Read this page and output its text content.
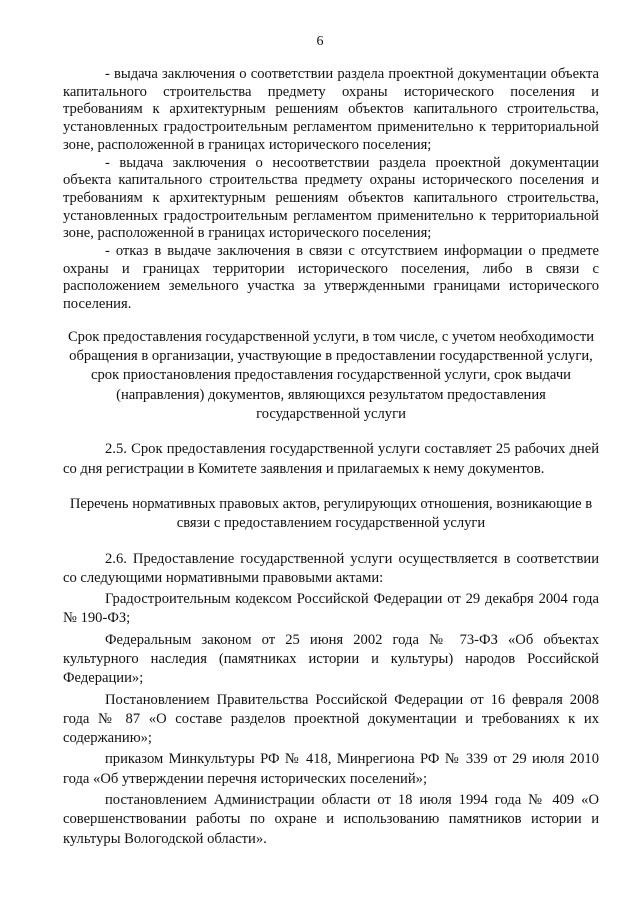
6

- выдача заключения о соответствии раздела проектной документации объекта капитального строительства предмету охраны исторического поселения и требованиям к архитектурным решениям объектов капитального строительства, установленных градостроительным регламентом применительно к территориальной зоне, расположенной в границах исторического поселения;

- выдача заключения о несоответствии раздела проектной документации объекта капитального строительства предмету охраны исторического поселения и требованиям к архитектурным решениям объектов капитального строительства, установленных градостроительным регламентом применительно к территориальной зоне, расположенной в границах исторического поселения;

- отказ в выдаче заключения в связи с отсутствием информации о предмете охраны и границах территории исторического поселения, либо в связи с расположением земельного участка за утвержденными границами исторического поселения.

Срок предоставления государственной услуги, в том числе, с учетом необходимости обращения в организации, участвующие в предоставлении государственной услуги, срок приостановления предоставления государственной услуги, срок выдачи (направления) документов, являющихся результатом предоставления государственной услуги

2.5. Срок предоставления государственной услуги составляет 25 рабочих дней со дня регистрации в Комитете заявления и прилагаемых к нему документов.

Перечень нормативных правовых актов, регулирующих отношения, возникающие в связи с предоставлением государственной услуги

2.6. Предоставление государственной услуги осуществляется в соответствии со следующими нормативными правовыми актами:

Градостроительным кодексом Российской Федерации от 29 декабря 2004 года № 190-ФЗ;

Федеральным законом от 25 июня 2002 года № 73-ФЗ «Об объектах культурного наследия (памятниках истории и культуры) народов Российской Федерации»;

Постановлением Правительства Российской Федерации от 16 февраля 2008 года № 87 «О составе разделов проектной документации и требованиях к их содержанию»;

приказом Минкультуры РФ № 418, Минрегиона РФ № 339 от 29 июля 2010 года «Об утверждении перечня исторических поселений»;

постановлением Администрации области от 18 июля 1994 года № 409 «О совершенствовании работы по охране и использованию памятников истории и культуры Вологодской области».
